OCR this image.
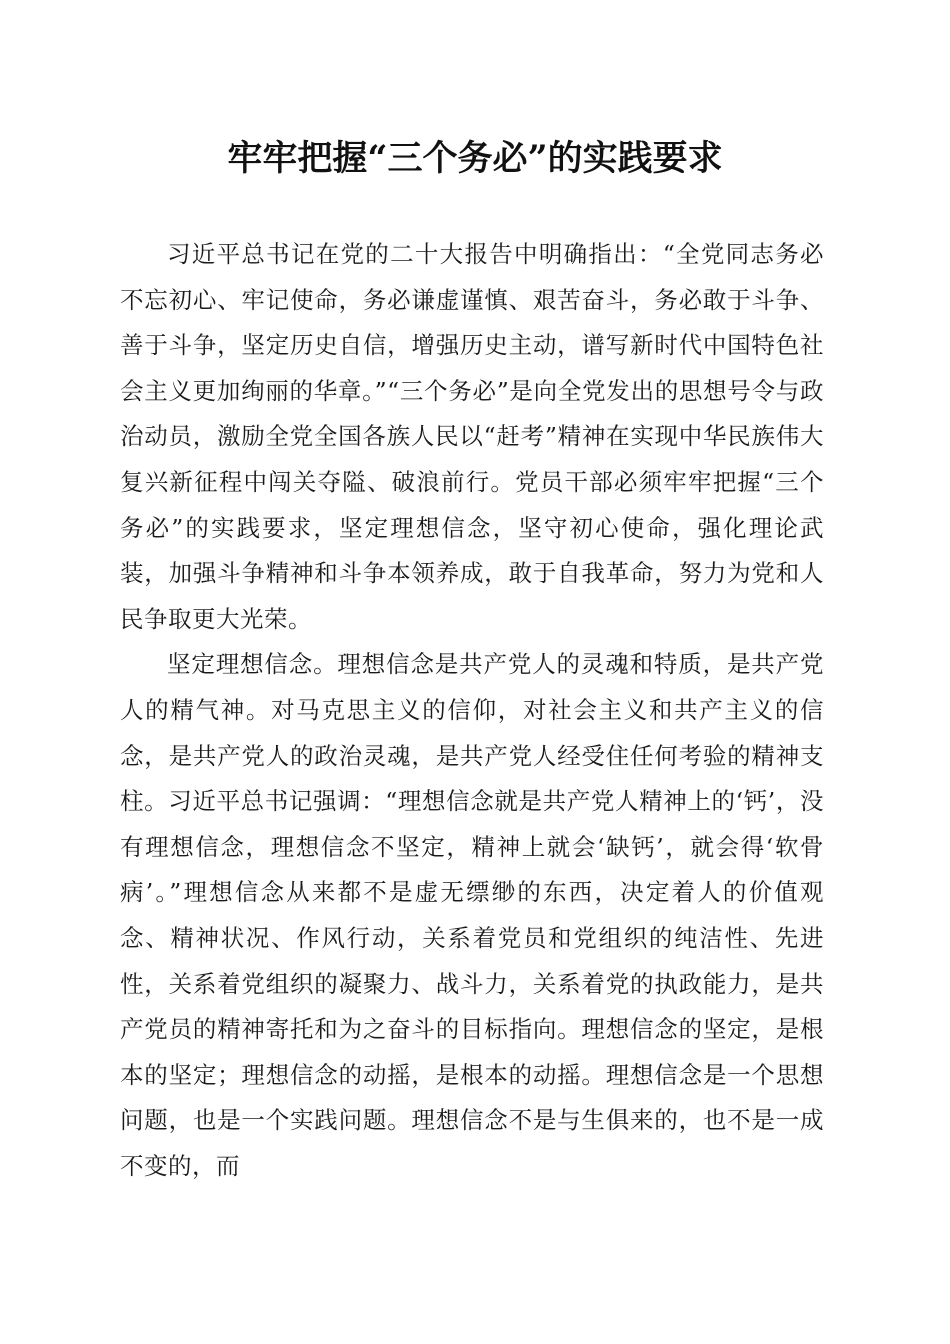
牢牢把握“三个务必”的实践要求

习近平总书记在党的二十大报告中明确指出：“全党同志务必不忘初心、牢记使命，务必谦虚谨慎、艰苦奋斗，务必敢于斗争、善于斗争，坚定历史自信，增强历史主动，谱写新时代中国特色社会主义更加绚丽的华章。”“三个务必”是向全党发出的思想号令与政治动员，激励全党全国各族人民以“赶考”精神在实现中华民族伟大复兴新征程中闯关夺隘、破浪前行。党员干部必须牢牢把握“三个务必”的实践要求，坚定理想信念，坚守初心使命，强化理论武装，加强斗争精神和斗争本领养成，敢于自我革命，努力为党和人民争取更大光荣。

坚定理想信念。理想信念是共产党人的灵魂和特质，是共产党人的精气神。对马克思主义的信仰，对社会主义和共产主义的信念，是共产党人的政治灵魂，是共产党人经受住任何考验的精神支柱。习近平总书记强调：“理想信念就是共产党人精神上的‘钙’，没有理想信念，理想信念不坚定，精神上就会‘缺钙’，就会得‘软骨病’。”理想信念从来都不是虚无缥缈的东西，决定着人的价值观念、精神状况、作风行动，关系着党员和党组织的纯洁性、先进性，关系着党组织的凝聚力、战斗力，关系着党的执政能力，是共产党员的精神寄托和为之奋斗的目标指向。理想信念的坚定，是根本的坚定；理想信念的动摇，是根本的动摇。理想信念是一个思想问题，也是一个实践问题。理想信念不是与生俱来的，也不是一成不变的，而
